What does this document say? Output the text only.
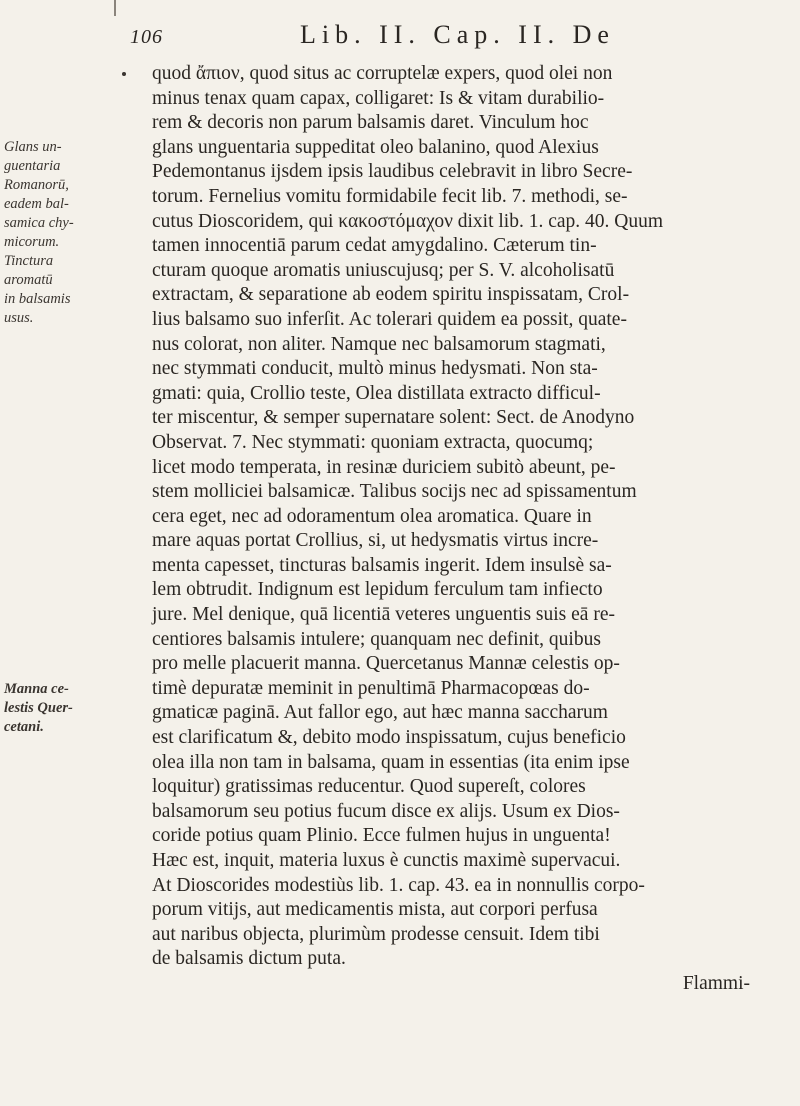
106	Lib. II. Cap. II. De
Glans un-
guentaria
Romanorū,
eadem bal-
samica chy-
micorum.
Tinctura
aromatū
in balsamis
usus.
Manna ce-
lestis Quer-
cetani.
quod ἄπιον, quod situs ac corruptelæ expers, quod olei non
minus tenax quam capax, colligaret: Is & vitam durabilio-
rem & decoris non parum balsamis daret. Vinculum hoc
glans unguentaria suppeditat oleo balanino, quod Alexius
Pedemontanus ijsdem ipsis laudibus celebravit in libro Secre-
torum. Fernelius vomitu formidabile fecit lib. 7. methodi, se-
cutus Dioscoridem, qui κακοστόμαχον dixit lib. 1. cap. 40. Quum
tamen innocentiā parum cedat amygdalino. Cæterum tin-
cturam quoque aromatis uniuscujusq; per S. V. alcoholisatū
extractam, & separatione ab eodem spiritu inspissatam, Crol-
lius balsamo suo inferſit. Ac tolerari quidem ea possit, quate-
nus colorat, non aliter. Namque nec balsamorum stagmati,
nec stymmati conducit, multò minus hedysmati. Non sta-
gmati: quia, Crollio teste, Olea distillata extracto difficul-
ter miscentur, & semper supernatare solent: Sect. de Anodyno
Observat. 7. Nec stymmati: quoniam extracta, quocumq;
licet modo temperata, in resinæ duriciem subitò abeunt, pe-
stem molliciei balsamicæ. Talibus socijs nec ad spissamentum
cera eget, nec ad odoramentum olea aromatica. Quare in
mare aquas portat Crollius, si, ut hedysmatis virtus incre-
menta capesset, tincturas balsamis ingerit. Idem insulsè sa-
lem obtrudit. Indignum est lepidum ferculum tam infiecto
jure. Mel denique, quā licentiā veteres unguentis suis eā re-
centiores balsamis intulere; quanquam nec definit, quibus
pro melle placuerit manna. Quercetanus Mannæ celestis op-
timè depuratæ meminit in penultimā Pharmacopœas do-
gmaticæ paginā. Aut fallor ego, aut hæc manna saccharum
est clarificatum &, debito modo inspissatum, cujus beneficio
olea illa non tam in balsama, quam in essentias (ita enim ipse
loquitur) gratissimas reducentur. Quod supereſt, colores
balsamorum seu potius fucum disce ex alijs. Usum ex Dios-
coride potius quam Plinio. Ecce fulmen hujus in unguenta!
Hæc est, inquit, materia luxus è cunctis maximè supervacui.
At Dioscorides modestiùs lib. 1. cap. 43. ea in nonnullis corpo-
porum vitijs, aut medicamentis mista, aut corpori perfusa
aut naribus objecta, plurimùm prodesse censuit. Idem tibi
de balsamis dictum puta.
Flammi-
